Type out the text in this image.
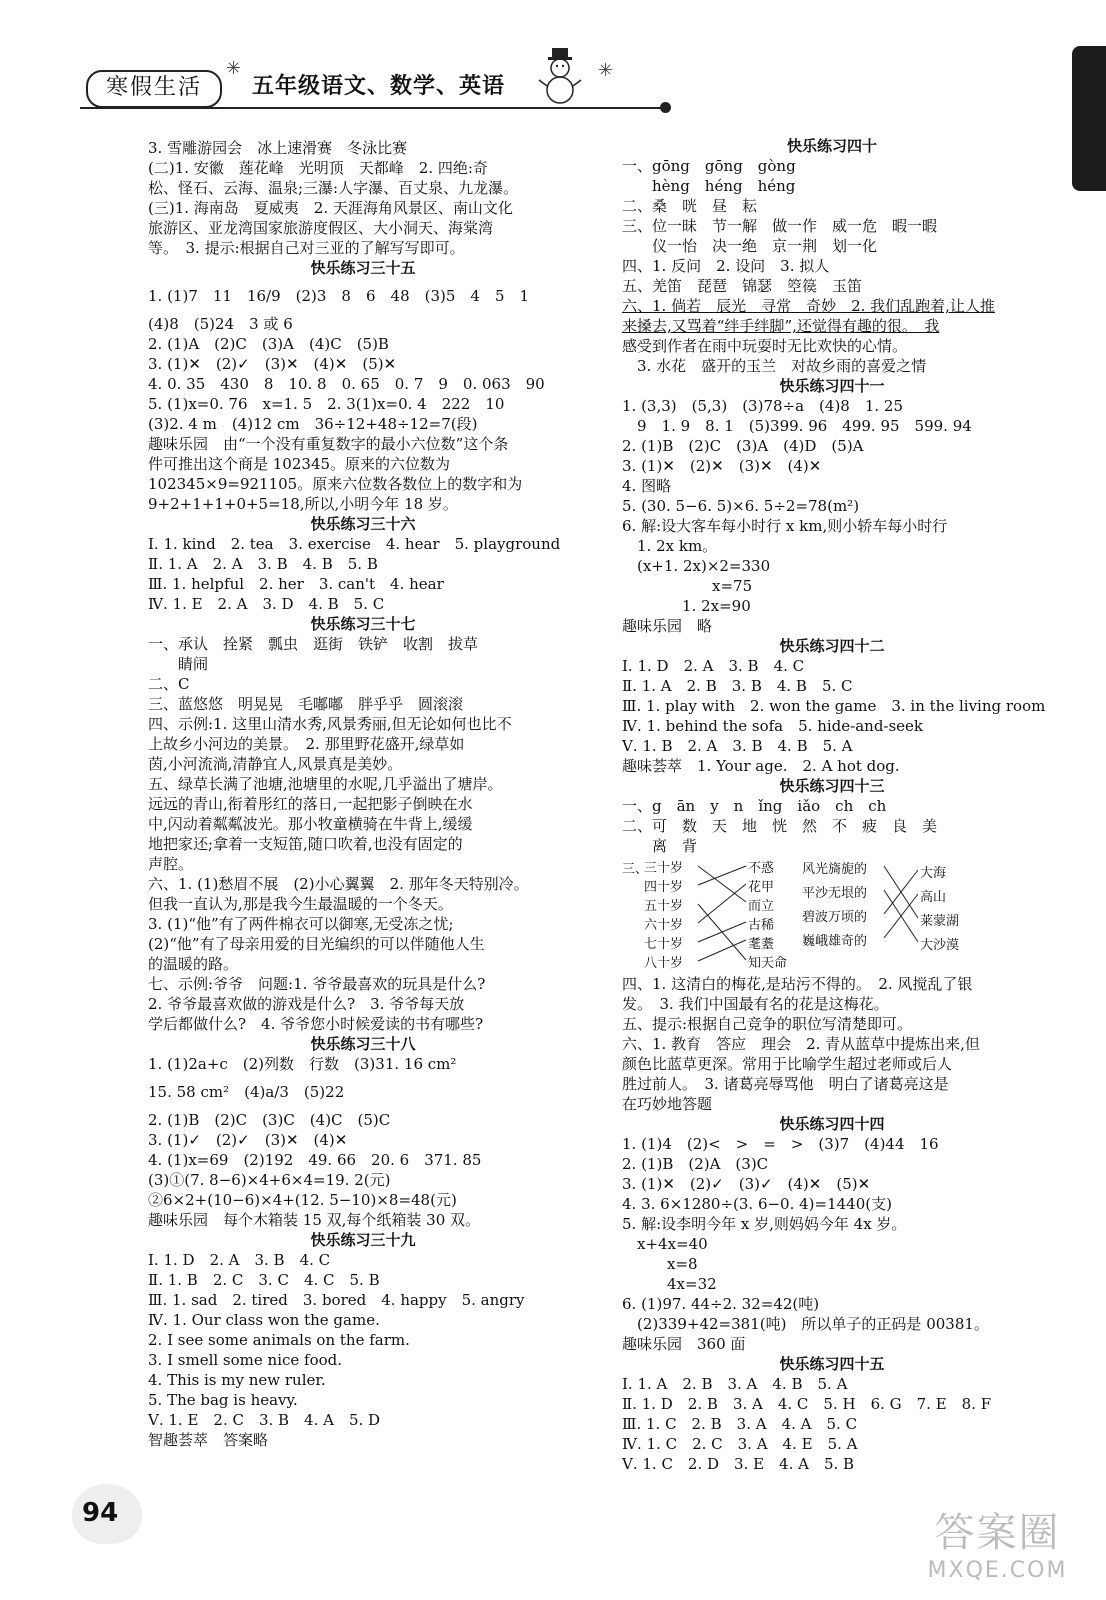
寒假生活
✳
五年级语文、数学、英语
✳
3. 雪雕游园会　冰上速滑赛　冬泳比赛
(二)1. 安徽　莲花峰　光明顶　天都峰　2. 四绝:奇
松、怪石、云海、温泉;三瀑:人字瀑、百丈泉、九龙瀑。
(三)1. 海南岛　夏威夷　2. 天涯海角风景区、南山文化
旅游区、亚龙湾国家旅游度假区、大小洞天、海棠湾
等。　3. 提示:根据自己对三亚的了解写写即可。
快乐练习三十五
1. (1)7　11　16/9　(2)3　8　6　48　(3)5　4　5　1
(4)8　(5)24　3 或 6
2. (1)A　(2)C　(3)A　(4)C　(5)B
3. (1)✕　(2)✓　(3)✕　(4)✕　(5)✕
4. 0. 35　430　8　10. 8　0. 65　0. 7　9　0. 063　90
5. (1)x=0. 76　x=1. 5　2. 3(1)x=0. 4　222　10
(3)2. 4 m　(4)12 cm　36÷12+48÷12=7(段)
趣味乐园　由“一个没有重复数字的最小六位数”这个条
件可推出这个商是 102345。原来的六位数为
102345×9=921105。原来六位数各数位上的数字和为
9+2+1+1+0+5=18,所以,小明今年 18 岁。
快乐练习三十六
Ⅰ. 1. kind　2. tea　3. exercise　4. hear　5. playground
Ⅱ. 1. A　2. A　3. B　4. B　5. B
Ⅲ. 1. helpful　2. her　3. can't　4. hear
Ⅳ. 1. E　2. A　3. D　4. B　5. C
快乐练习三十七
一、承认　拴紧　瓢虫　逛街　铁铲　收割　拔草
　　睛闹
二、C
三、蓝悠悠　明晃晃　毛嘟嘟　胖乎乎　圆滚滚
四、示例:1. 这里山清水秀,风景秀丽,但无论如何也比不
上故乡小河边的美景。　2. 那里野花盛开,绿草如
茵,小河流淌,清静宜人,风景真是美妙。
五、绿草长满了池塘,池塘里的水呢,几乎溢出了塘岸。
远远的青山,衔着彤红的落日,一起把影子倒映在水
中,闪动着粼粼波光。那小牧童横骑在牛背上,缓缓
地把家还;拿着一支短笛,随口吹着,也没有固定的
声腔。
六、1. (1)愁眉不展　(2)小心翼翼　2. 那年冬天特别冷。
但我一直认为,那是我今生最温暖的一个冬天。
3. (1)“他”有了两件棉衣可以御寒,无受冻之忧;
(2)“他”有了母亲用爱的目光编织的可以伴随他人生
的温暖的路。
七、示例:爷爷　问题:1. 爷爷最喜欢的玩具是什么?
2. 爷爷最喜欢做的游戏是什么?　3. 爷爷每天放
学后都做什么?　4. 爷爷您小时候爱读的书有哪些?
快乐练习三十八
1. (1)2a+c　(2)列数　行数　(3)31. 16 cm²
15. 58 cm²　(4)a/3　(5)22
2. (1)B　(2)C　(3)C　(4)C　(5)C
3. (1)✓　(2)✓　(3)✕　(4)✕
4. (1)x=69　(2)192　49. 66　20. 6　371. 85
(3)①(7. 8−6)×4+6×4=19. 2(元)
②6×2+(10−6)×4+(12. 5−10)×8=48(元)
趣味乐园　每个木箱装 15 双,每个纸箱装 30 双。
快乐练习三十九
Ⅰ. 1. D　2. A　3. B　4. C
Ⅱ. 1. B　2. C　3. C　4. C　5. B
Ⅲ. 1. sad　2. tired　3. bored　4. happy　5. angry
Ⅳ. 1. Our class won the game.
2. I see some animals on the farm.
3. I smell some nice food.
4. This is my new ruler.
5. The bag is heavy.
Ⅴ. 1. E　2. C　3. B　4. A　5. D
智趣荟萃　答案略
快乐练习四十
一、gōng　gōng　gòng
　　hèng　héng　héng
二、桑　咣　昼　耘
三、位一昧　节一解　做一作　威一危　暇一暇
　　仪一怡　决一绝　京一荆　划一化
四、1. 反问　2. 设问　3. 拟人
五、羌笛　琵琶　锦瑟　箜篌　玉笛
六、1. 倘若　辰光　寻常　奇妙　2. 我们乱跑着,让人推
来搡去,又骂着“绊手绊脚”,还觉得有趣的很。　我
感受到作者在雨中玩耍时无比欢快的心情。
　3. 水花　盛开的玉兰　对故乡雨的喜爱之情
快乐练习四十一
1. (3,3)　(5,3)　(3)78÷a　(4)8　1. 25
　9　1. 9　8. 1　(5)399. 96　499. 95　599. 94
2. (1)B　(2)C　(3)A　(4)D　(5)A
3. (1)✕　(2)✕　(3)✕　(4)✕
4. 图略
5. (30. 5−6. 5)×6. 5÷2=78(m²)
6. 解:设大客车每小时行 x km,则小轿车每小时行
　1. 2x km。
　(x+1. 2x)×2=330
　　　　　　x=75
　　　　1. 2x=90
趣味乐园　略
快乐练习四十二
Ⅰ. 1. D　2. A　3. B　4. C
Ⅱ. 1. A　2. B　3. B　4. B　5. C
Ⅲ. 1. play with　2. won the game　3. in the living room
Ⅳ. 1. behind the sofa　5. hide-and-seek
Ⅴ. 1. B　2. A　3. B　4. B　5. A
趣味荟萃　1. Your age.　2. A hot dog.
快乐练习四十三
一、g　ān　y　n　ǐng　iǎo　ch　ch
二、可　数　天　地　恍　然　不　疲　良　美
　　离　背
三、
三十岁
四十岁
五十岁
六十岁
七十岁
八十岁
不惑
花甲
而立
古稀
耄耋
知天命
风光旖旎的
平沙无垠的
碧波万顷的
巍峨雄奇的
大海
高山
莱蒙湖
大沙漠
四、1. 这清白的梅花,是玷污不得的。　2. 风搅乱了银
发。　3. 我们中国最有名的花是这梅花。
五、提示:根据自己竞争的职位写清楚即可。
六、1. 教育　答应　理会　2. 青从蓝草中提炼出来,但
颜色比蓝草更深。常用于比喻学生超过老师或后人
胜过前人。　3. 诸葛亮辱骂他　明白了诸葛亮这是
在巧妙地答题
快乐练习四十四
1. (1)4　(2)<　>　=　>　(3)7　(4)44　16
2. (1)B　(2)A　(3)C
3. (1)✕　(2)✓　(3)✓　(4)✕　(5)✕
4. 3. 6×1280÷(3. 6−0. 4)=1440(支)
5. 解:设李明今年 x 岁,则妈妈今年 4x 岁。
　x+4x=40
　　　x=8
　　　4x=32
6. (1)97. 44÷2. 32=42(吨)
　(2)339+42=381(吨)　所以单子的正码是 00381。
趣味乐园　360 面
快乐练习四十五
Ⅰ. 1. A　2. B　3. A　4. B　5. A
Ⅱ. 1. D　2. B　3. A　4. C　5. H　6. G　7. E　8. F
Ⅲ. 1. C　2. B　3. A　4. A　5. C
Ⅳ. 1. C　2. C　3. A　4. E　5. A
Ⅴ. 1. C　2. D　3. E　4. A　5. B
94	答案圈
MXQE.COM
